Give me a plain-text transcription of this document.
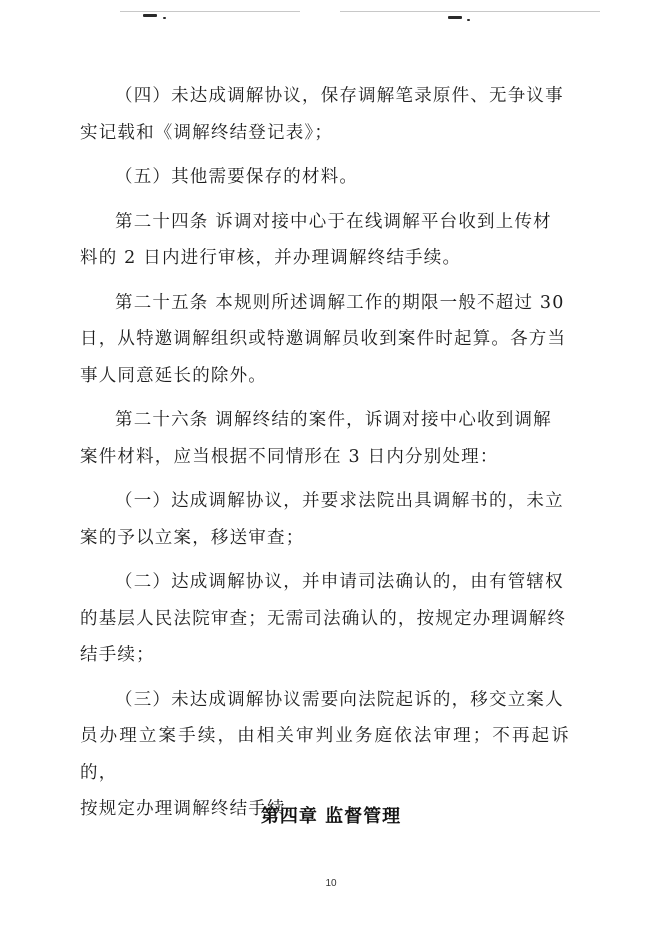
（四）未达成调解协议，保存调解笔录原件、无争议事
实记载和《调解终结登记表》；

（五）其他需要保存的材料。

第二十四条 诉调对接中心于在线调解平台收到上传材
料的 2 日内进行审核，并办理调解终结手续。

第二十五条 本规则所述调解工作的期限一般不超过 30
日，从特邀调解组织或特邀调解员收到案件时起算。各方当
事人同意延长的除外。

第二十六条 调解终结的案件，诉调对接中心收到调解
案件材料，应当根据不同情形在 3 日内分别处理：

（一）达成调解协议，并要求法院出具调解书的，未立
案的予以立案，移送审查；

（二）达成调解协议，并申请司法确认的，由有管辖权
的基层人民法院审查；无需司法确认的，按规定办理调解终
结手续；

（三）未达成调解协议需要向法院起诉的，移交立案人
员办理立案手续，由相关审判业务庭依法审理；不再起诉的，
按规定办理调解终结手续。

第四章 监督管理
10
